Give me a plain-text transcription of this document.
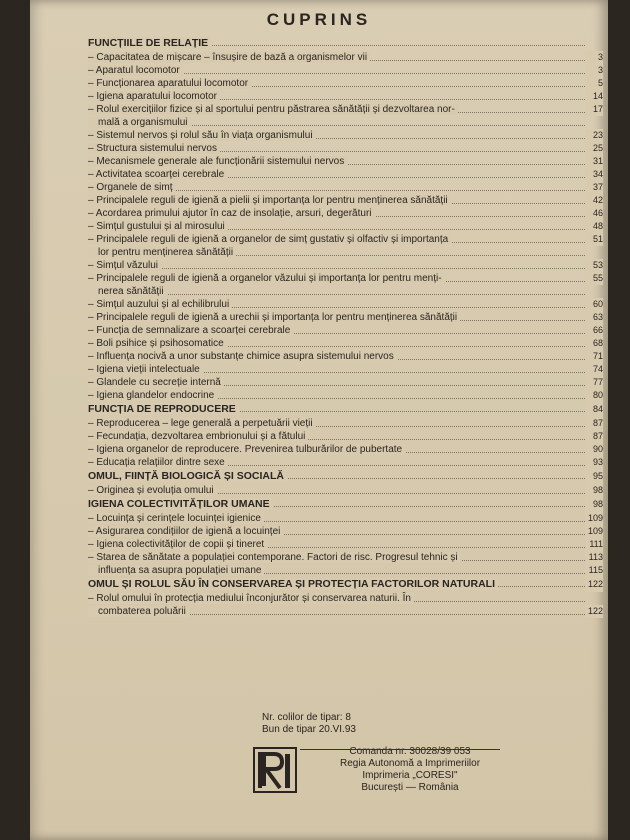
CUPRINS
FUNCȚIILE DE RELAȚIE
– Capacitatea de mișcare – însușire de bază a organismelor vii	3
– Aparatul locomotor	3
– Funcționarea aparatului locomotor	5
– Igiena aparatului locomotor	14
– Rolul exercițiilor fizice și al sportului pentru păstrarea sănătății și dezvoltarea nor-	17
mală a organismului
– Sistemul nervos și rolul său în viața organismului	23
– Structura sistemului nervos	25
– Mecanismele generale ale funcționării sistemului nervos	31
– Activitatea scoarței cerebrale	34
– Organele de simț	37
– Principalele reguli de igienă a pielii și importanța lor pentru menținerea sănătății	42
– Acordarea primului ajutor în caz de insolație, arsuri, degerături	46
– Simțul gustului și al mirosului	48
– Principalele reguli de igienă a organelor de simț gustativ și olfactiv și importanța	51
lor pentru menținerea sănătății
– Simțul văzului	53
– Principalele reguli de igienă a organelor văzului și importanța lor pentru menți-	55
nerea sănătății
– Simțul auzului și al echilibrului	60
– Principalele reguli de igienă a urechii și importanța lor pentru menținerea sănătății	63
– Funcția de semnalizare a scoarței cerebrale	66
– Boli psihice și psihosomatice	68
– Influența nocivă a unor substanțe chimice asupra sistemului nervos	71
– Igiena vieții intelectuale	74
– Glandele cu secreție internă	77
– Igiena glandelor endocrine	80
FUNCȚIA DE REPRODUCERE	84
– Reproducerea – lege generală a perpetuării vieții	87
– Fecundația, dezvoltarea embrionului și a fătului	87
– Igiena organelor de reproducere. Prevenirea tulburărilor de pubertate	90
– Educația relațiilor dintre sexe	93
OMUL, FIINȚĂ BIOLOGICĂ ȘI SOCIALĂ	95
– Originea și evoluția omului	98
IGIENA COLECTIVITĂȚILOR UMANE	98
– Locuința și cerințele locuinței igienice	109
– Asigurarea condițiilor de igienă a locuinței	109
– Igiena colectivităților de copii și tineret	111
– Starea de sănătate a populației contemporane. Factori de risc. Progresul tehnic și	113
influența sa asupra populației umane	115
OMUL ȘI ROLUL SĂU ÎN CONSERVAREA ȘI PROTECȚIA FACTORILOR NATURALI	122
– Rolul omului în protecția mediului înconjurător și conservarea naturii. În
combaterea poluării	122
Nr. colilor de tipar: 8
Bun de tipar 20.VI.93
Comanda nr. 30028/39 053
Regia Autonomă a Imprimeriilor
Imprimeria „CORESI"
București — România
